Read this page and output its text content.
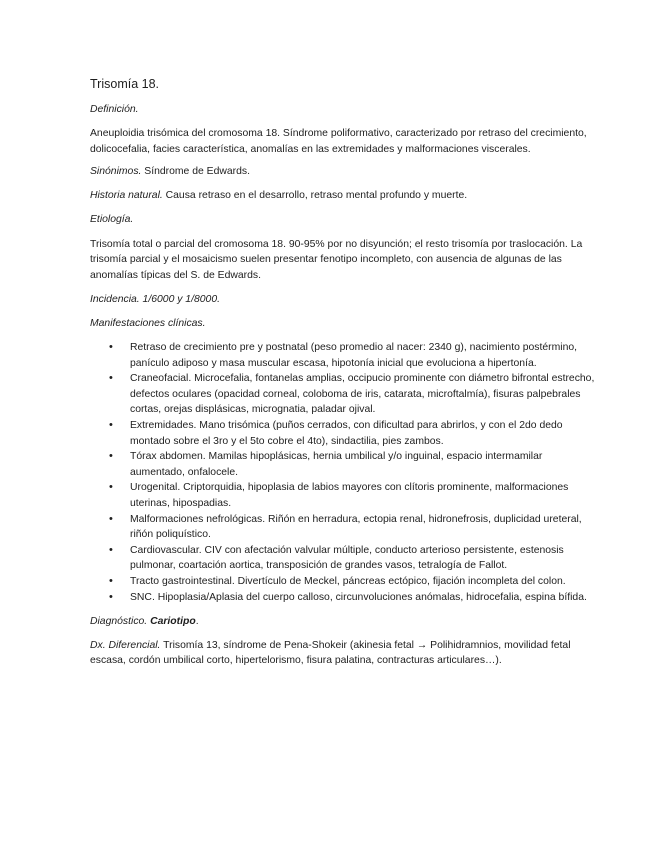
Trisomía 18.

Definición.

Aneuploidia trisómica del cromosoma 18. Síndrome poliformativo, caracterizado por retraso del crecimiento, dolicocefalia, facies característica, anomalías en las extremidades y malformaciones viscerales.

Sinónimos. Síndrome de Edwards.

Historia natural. Causa retraso en el desarrollo, retraso mental profundo y muerte.

Etiología.

Trisomía total o parcial del cromosoma 18. 90-95% por no disyunción; el resto trisomía por traslocación. La trisomía parcial y el mosaicismo suelen presentar fenotipo incompleto, con ausencia de algunas de las anomalías típicas del S. de Edwards.

Incidencia. 1/6000 y 1/8000.

Manifestaciones clínicas.

• Retraso de crecimiento pre y postnatal (peso promedio al nacer: 2340 g), nacimiento postérmino, panículo adiposo y masa muscular escasa, hipotonía inicial que evoluciona a hipertonía.
• Craneofacial. Microcefalia, fontanelas amplias, occipucio prominente con diámetro bifrontal estrecho, defectos oculares (opacidad corneal, coloboma de iris, catarata, microftalmía), fisuras palpebrales cortas, orejas displásicas, micrognatia, paladar ojival.
• Extremidades. Mano trisómica (puños cerrados, con dificultad para abrirlos, y con el 2do dedo montado sobre el 3ro y el 5to cobre el 4to), sindactilia, pies zambos.
• Tórax abdomen. Mamilas hipoplásicas, hernia umbilical y/o inguinal, espacio intermamilar aumentado, onfalocele.
• Urogenital. Criptorquidia, hipoplasia de labios mayores con clítoris prominente, malformaciones uterinas, hipospadias.
• Malformaciones nefrológicas. Riñón en herradura, ectopia renal, hidronefrosis, duplicidad ureteral, riñón poliquístico.
• Cardiovascular. CIV con afectación valvular múltiple, conducto arterioso persistente, estenosis pulmonar, coartación aortica, transposición de grandes vasos, tetralogía de Fallot.
• Tracto gastrointestinal. Divertículo de Meckel, páncreas ectópico, fijación incompleta del colon.
• SNC. Hipoplasia/Aplasia del cuerpo calloso, circunvoluciones anómalas, hidrocefalia, espina bífida.

Diagnóstico. Cariotipo.

Dx. Diferencial. Trisomía 13, síndrome de Pena-Shokeir (akinesia fetal → Polihidramnios, movilidad fetal escasa, cordón umbilical corto, hipertelorismo, fisura palatina, contracturas articulares…).
